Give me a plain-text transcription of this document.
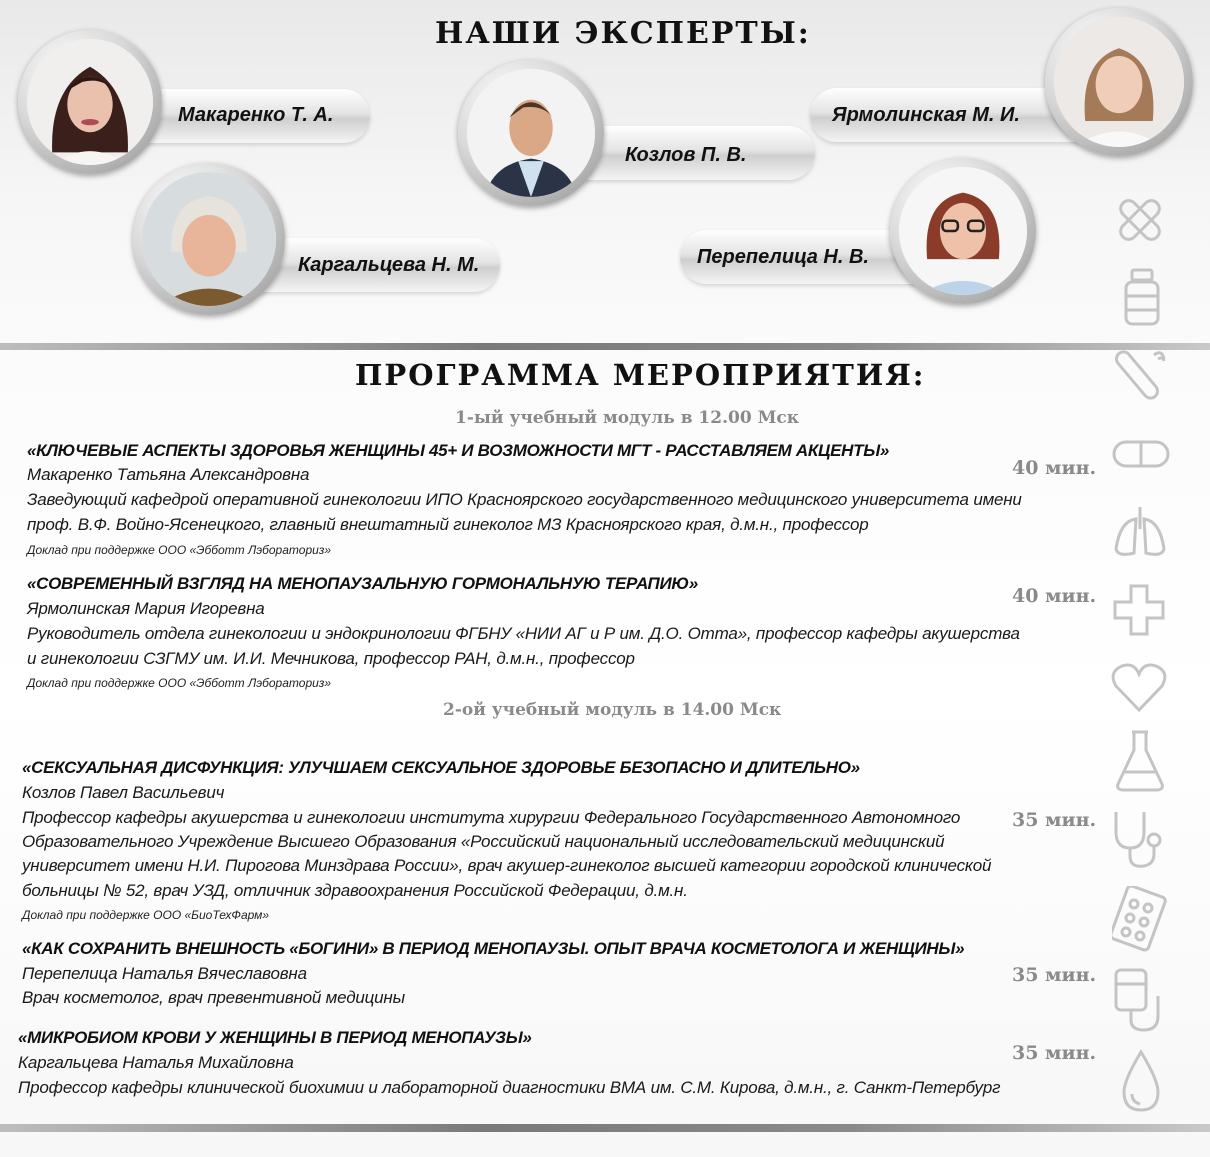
НАШИ ЭКСПЕРТЫ:
Макаренко Т. А.
Козлов П. В.
Ярмолинская М. И.
Каргальцева Н. М.	Перепелица Н. В.
ПРОГРАММА МЕРОПРИЯТИЯ:
1-ый учебный модуль в 12.00 Мск
«КЛЮЧЕВЫЕ АСПЕКТЫ ЗДОРОВЬЯ ЖЕНЩИНЫ 45+ И ВОЗМОЖНОСТИ МГТ - РАССТАВЛЯЕМ АКЦЕНТЫ»
Макаренко Татьяна Александровна
Заведующий кафедрой оперативной гинекологии ИПО Красноярского государственного медицинского университета имени
проф. В.Ф. Войно-Ясенецкого, главный внештатный гинеколог МЗ Красноярского края, д.м.н., профессор
Доклад при поддержке ООО «Эбботт Лэбораториз»
40 мин.
«СОВРЕМЕННЫЙ ВЗГЛЯД НА МЕНОПАУЗАЛЬНУЮ ГОРМОНАЛЬНУЮ ТЕРАПИЮ»
Ярмолинская Мария Игоревна
Руководитель отдела гинекологии и эндокринологии ФГБНУ «НИИ АГ и Р им. Д.О. Отта», профессор кафедры акушерства
и гинекологии СЗГМУ им. И.И. Мечникова, профессор РАН, д.м.н., профессор
Доклад при поддержке ООО «Эбботт Лэбораториз»
40 мин.
2-ой учебный модуль в 14.00 Мск
«СЕКСУАЛЬНАЯ ДИСФУНКЦИЯ: УЛУЧШАЕМ СЕКСУАЛЬНОЕ ЗДОРОВЬЕ БЕЗОПАСНО И ДЛИТЕЛЬНО»
Козлов Павел Васильевич
Профессор кафедры акушерства и гинекологии института хирургии Федерального Государственного Автономного
Образовательного Учреждение Высшего Образования «Российский национальный исследовательский медицинский
университет имени Н.И. Пирогова Минздрава России», врач акушер-гинеколог высшей категории городской клинической
больницы № 52, врач УЗД, отличник здравоохранения Российской Федерации, д.м.н.
Доклад при поддержке ООО «БиоТехФарм»
35 мин.
«КАК СОХРАНИТЬ ВНЕШНОСТЬ «БОГИНИ» В ПЕРИОД МЕНОПАУЗЫ. ОПЫТ ВРАЧА КОСМЕТОЛОГА И ЖЕНЩИНЫ»
Перепелица Наталья Вячеславовна
Врач косметолог, врач превентивной медицины
35 мин.
«МИКРОБИОМ КРОВИ У ЖЕНЩИНЫ В ПЕРИОД МЕНОПАУЗЫ»
Каргальцева Наталья Михайловна
Профессор кафедры клинической биохимии и лабораторной диагностики ВМА им. С.М. Кирова, д.м.н., г. Санкт-Петербург
35 мин.
